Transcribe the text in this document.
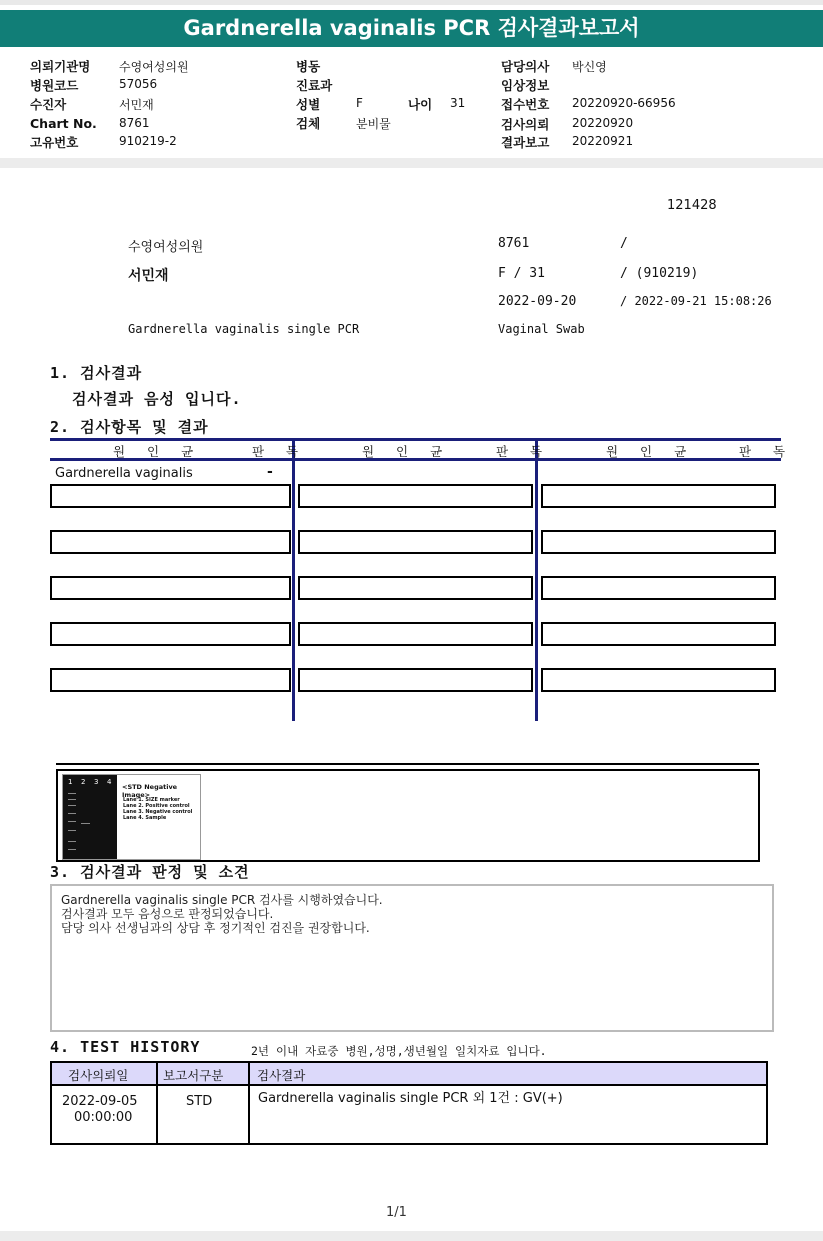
Gardnerella vaginalis PCR 검사결과보고서
의뢰기관명 수영여성의원
병원코드	57056
수진자	서민재
Chart No. 8761
고유번호	910219-2
병동
진료과
성별	F	나이 31
검체	분비물
담당의사 박신영
임상정보
접수번호 20220920-66956
검사의뢰 20220920
결과보고 20220921
121428
수영여성의원	8761	/
서민재	F / 31	/ (910219)
2022-09-20	/ 2022-09-21 15:08:26
Gardnerella vaginalis single PCR	Vaginal Swab
1. 검사결과
검사결과 음성 입니다.
2. 검사항목 및 결과
원 인 균	판 독	원 인 균	판 독	원 인 균	판 독
Gardnerella vaginalis	-
1 2 3 4
<STD Negative Image>
Lane 1. SIZE marker
Lane 2. Positive control
Lane 3. Negative control
Lane 4. Sample
3. 검사결과 판정 및 소견
Gardnerella vaginalis single PCR 검사를 시행하였습니다.
검사결과 모두 음성으로 판정되었습니다.
담당 의사 선생님과의 상담 후 정기적인 검진을 권장합니다.
4. TEST HISTORY	2년 이내 자료중 병원,성명,생년월일 일치자료 입니다.
검사의뢰일	보고서구분	검사결과
2022-09-05
00:00:00
STD	Gardnerella vaginalis single PCR 외 1건 : GV(+)
1/1
